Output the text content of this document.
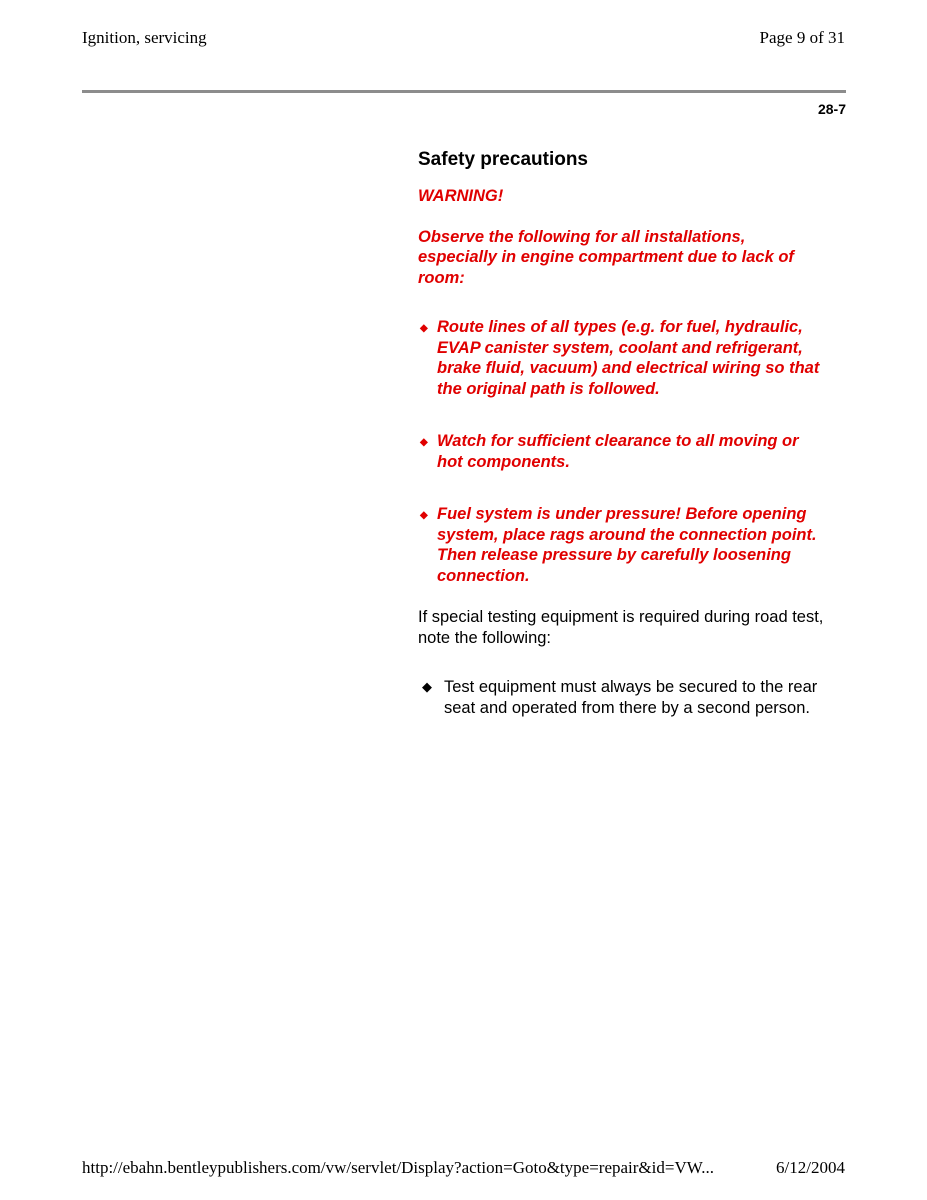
Ignition, servicing	Page 9 of 31
28-7
Safety precautions
WARNING!
Observe the following for all installations, especially in engine compartment due to lack of room:
◆ Route lines of all types (e.g. for fuel, hydraulic, EVAP canister system, coolant and refrigerant, brake fluid, vacuum) and electrical wiring so that the original path is followed.
◆ Watch for sufficient clearance to all moving or hot components.
◆ Fuel system is under pressure! Before opening system, place rags around the connection point. Then release pressure by carefully loosening connection.
If special testing equipment is required during road test, note the following:
◆ Test equipment must always be secured to the rear seat and operated from there by a second person.
http://ebahn.bentleypublishers.com/vw/servlet/Display?action=Goto&type=repair&id=VW...	6/12/2004
